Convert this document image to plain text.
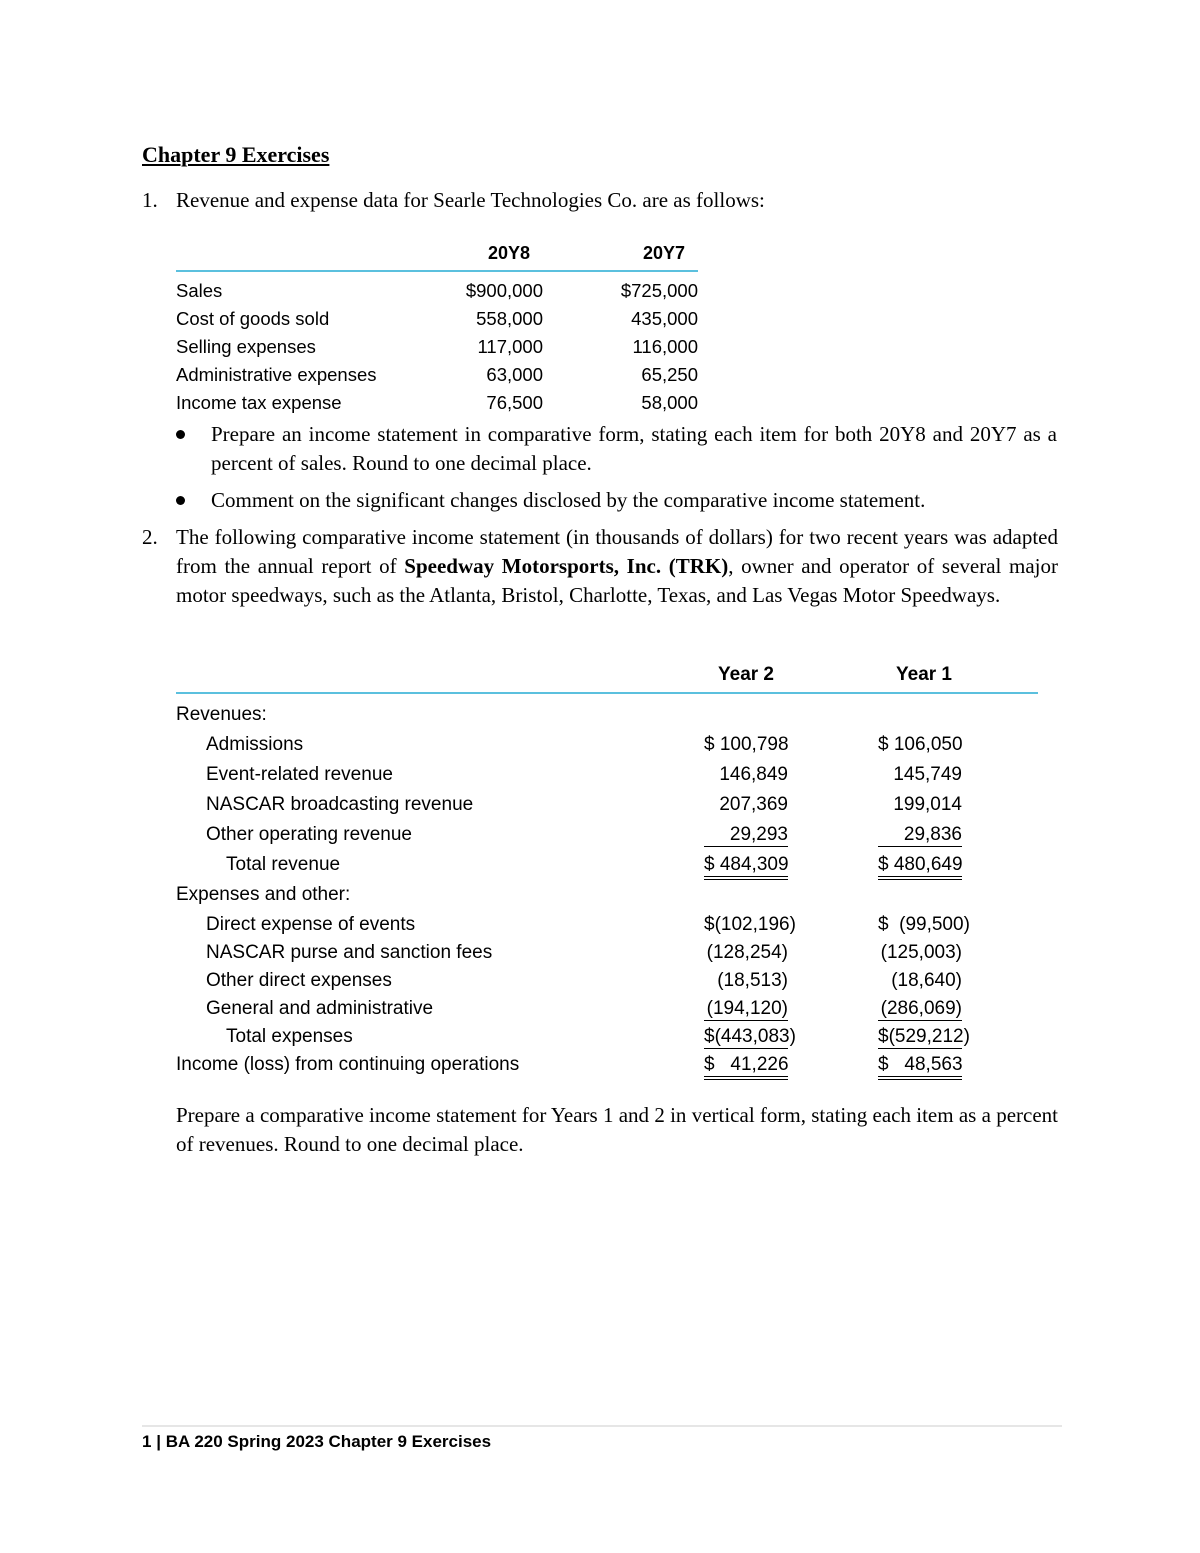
Chapter 9 Exercises
1. Revenue and expense data for Searle Technologies Co. are as follows:
20Y8	20Y7
Sales	$900,000	$725,000
Cost of goods sold	558,000	435,000
Selling expenses	117,000	116,000
Administrative expenses	63,000	65,250
Income tax expense	76,500	58,000
Prepare an income statement in comparative form, stating each item for both 20Y8 and 20Y7 as a percent of sales. Round to one decimal place.
Comment on the significant changes disclosed by the comparative income statement.
2. The following comparative income statement (in thousands of dollars) for two recent years was adapted from the annual report of Speedway Motorsports, Inc. (TRK), owner and operator of several major motor speedways, such as the Atlanta, Bristol, Charlotte, Texas, and Las Vegas Motor Speedways.
Year 2	Year 1
Revenues:
Admissions	$ 100,798	$ 106,050
Event-related revenue	146,849	145,749
NASCAR broadcasting revenue	207,369	199,014
Other operating revenue	29,293	29,836
Total revenue	$ 484,309	$ 480,649
Expenses and other:
Direct expense of events	$(102,196)	$  (99,500)
NASCAR purse and sanction fees	(128,254)	(125,003)
Other direct expenses	(18,513)	(18,640)
General and administrative	(194,120)	(286,069)
Total expenses	$(443,083)	$(529,212)
Income (loss) from continuing operations	$   41,226	$   48,563
Prepare a comparative income statement for Years 1 and 2 in vertical form, stating each item as a percent of revenues. Round to one decimal place.
1 | BA 220 Spring 2023 Chapter 9 Exercises
